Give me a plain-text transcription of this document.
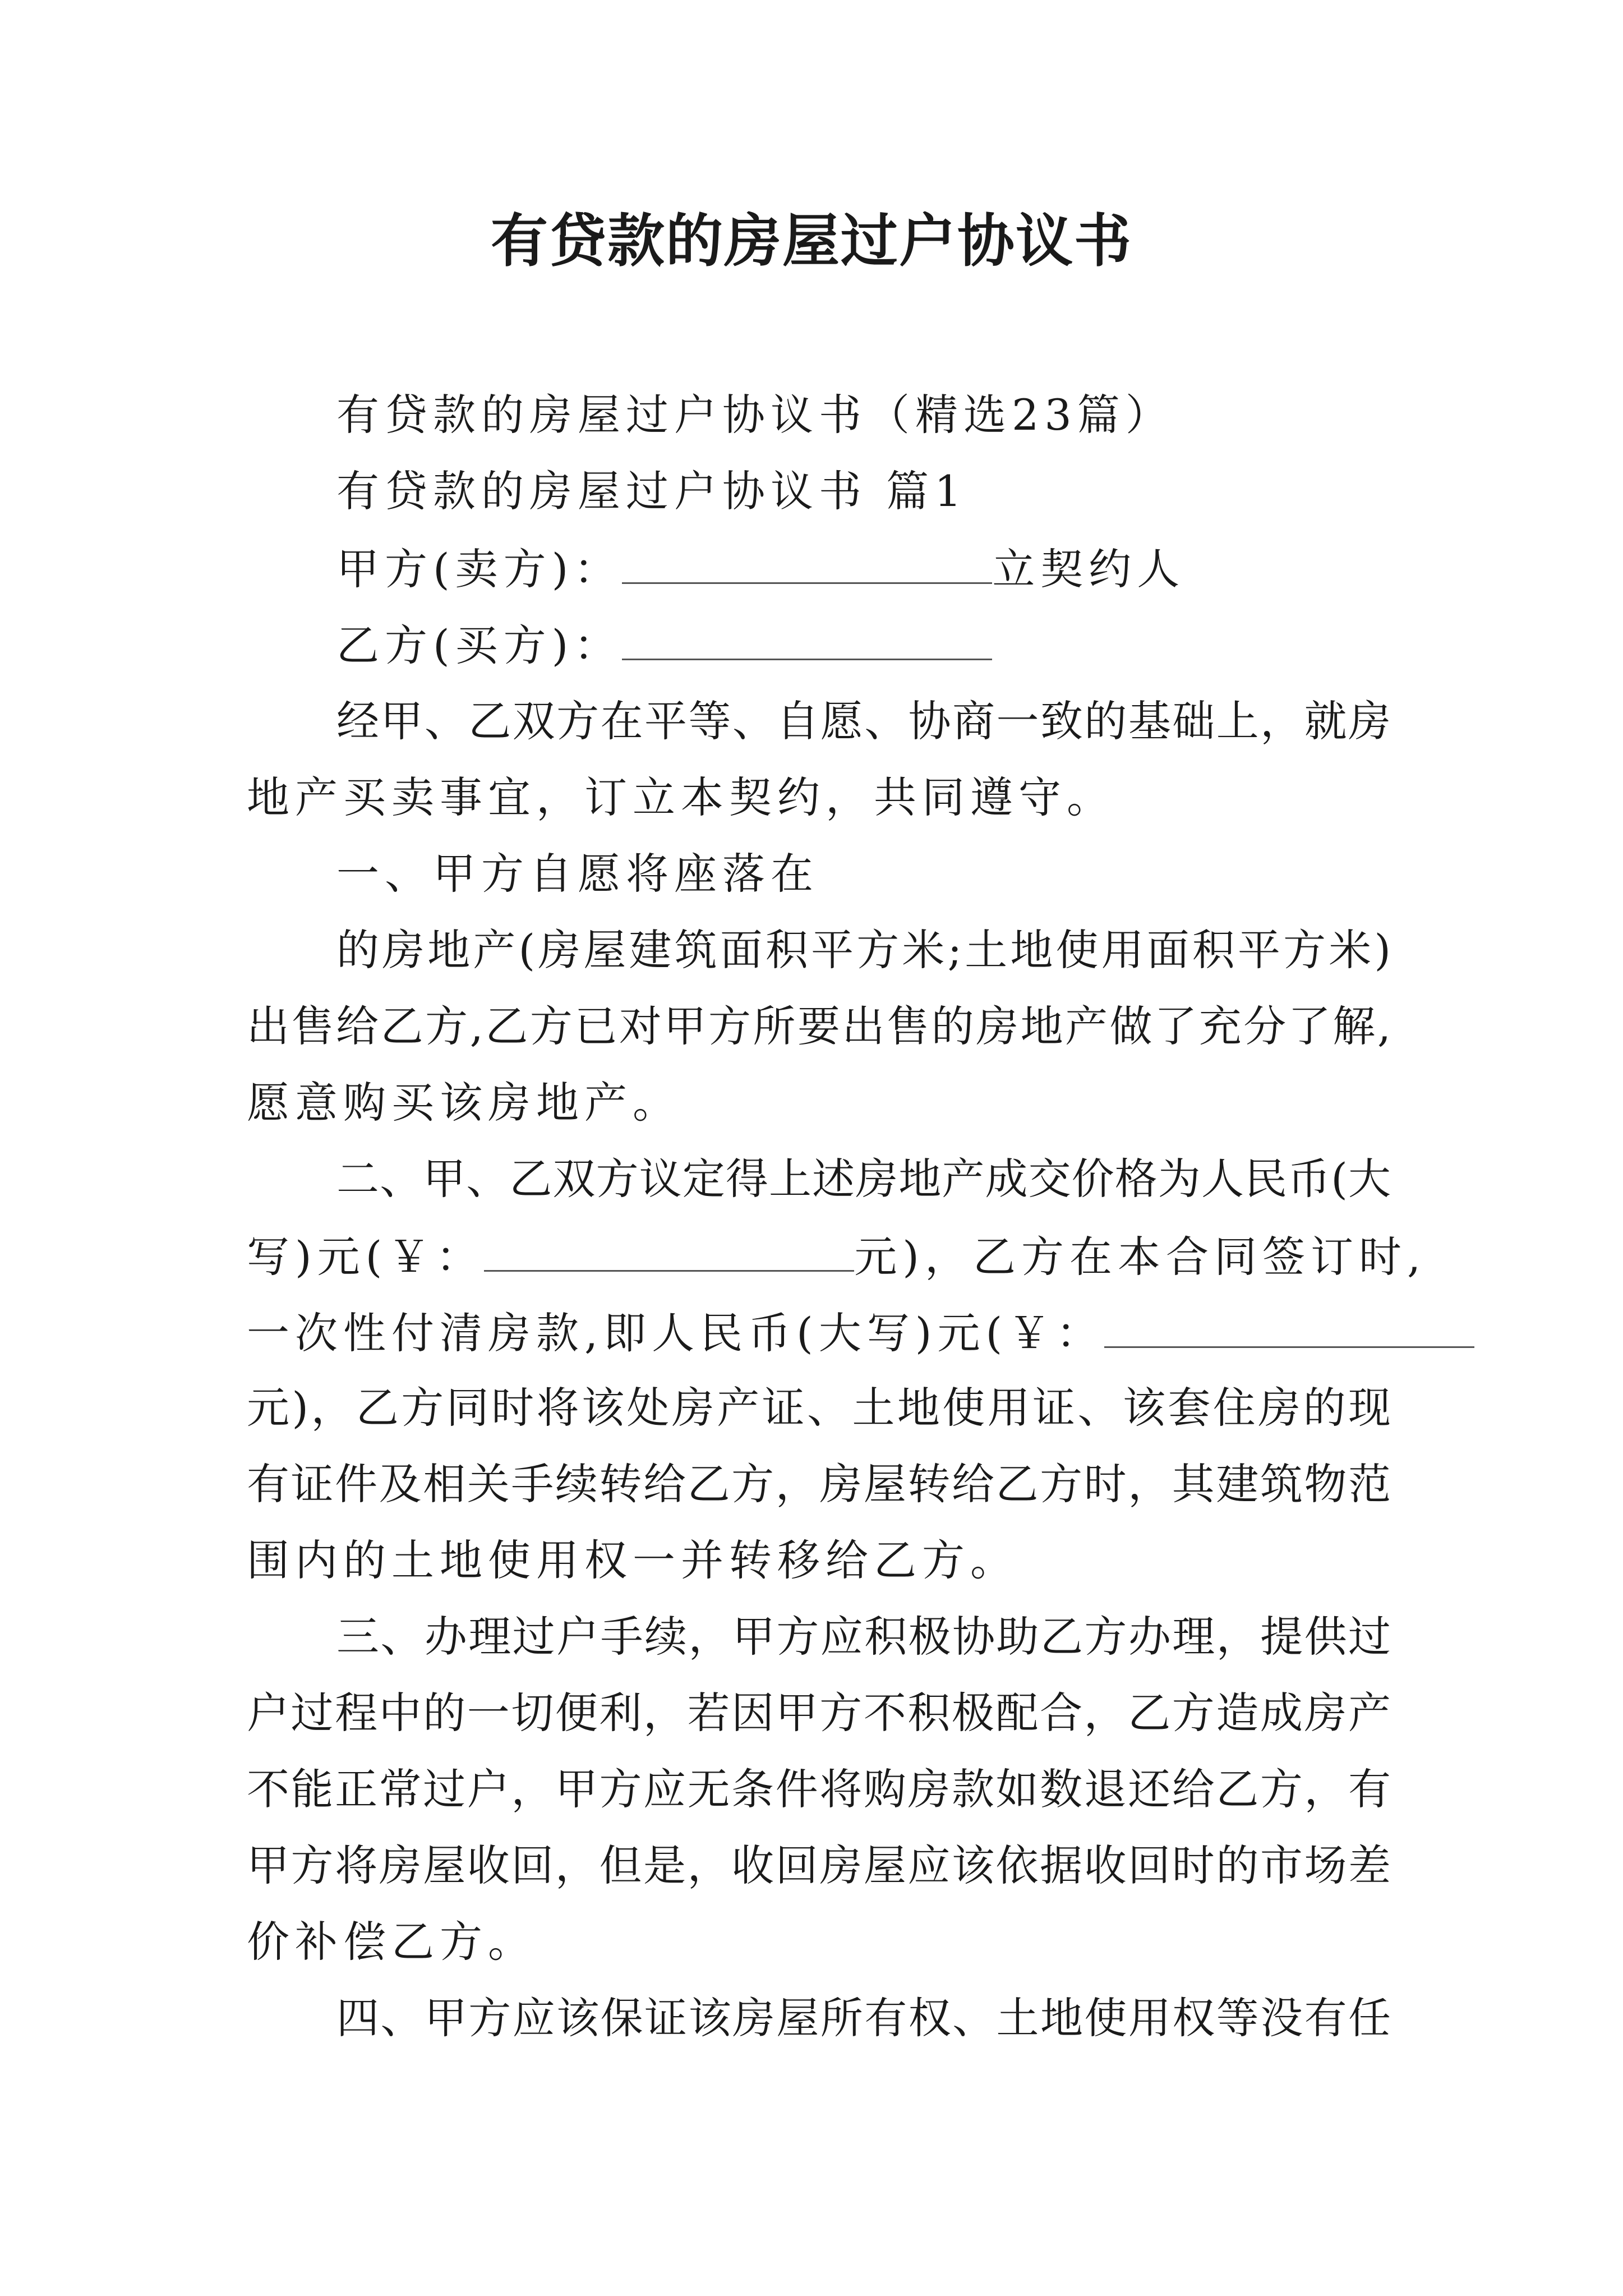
有贷款的房屋过户协议书
有贷款的房屋过户协议书（精选23篇）
有贷款的房屋过户协议书 篇1
甲方(卖方)：	立契约人
乙方(买方)：
经甲、乙双方在平等、自愿、协商一致的基础上，就房
地产买卖事宜，订立本契约，共同遵守。
一、甲方自愿将座落在
的房地产(房屋建筑面积平方米;土地使用面积平方米)
出售给乙方,乙方已对甲方所要出售的房地产做了充分了解,
愿意购买该房地产。
二、甲、乙双方议定得上述房地产成交价格为人民币(大
写)元(￥：	元)，乙方在本合同签订时,
一次性付清房款,即人民币(大写)元(￥：
元)，乙方同时将该处房产证、土地使用证、该套住房的现
有证件及相关手续转给乙方，房屋转给乙方时，其建筑物范
围内的土地使用权一并转移给乙方。
三、办理过户手续，甲方应积极协助乙方办理，提供过
户过程中的一切便利，若因甲方不积极配合，乙方造成房产
不能正常过户，甲方应无条件将购房款如数退还给乙方，有
甲方将房屋收回，但是，收回房屋应该依据收回时的市场差
价补偿乙方。
四、甲方应该保证该房屋所有权、土地使用权等没有任
